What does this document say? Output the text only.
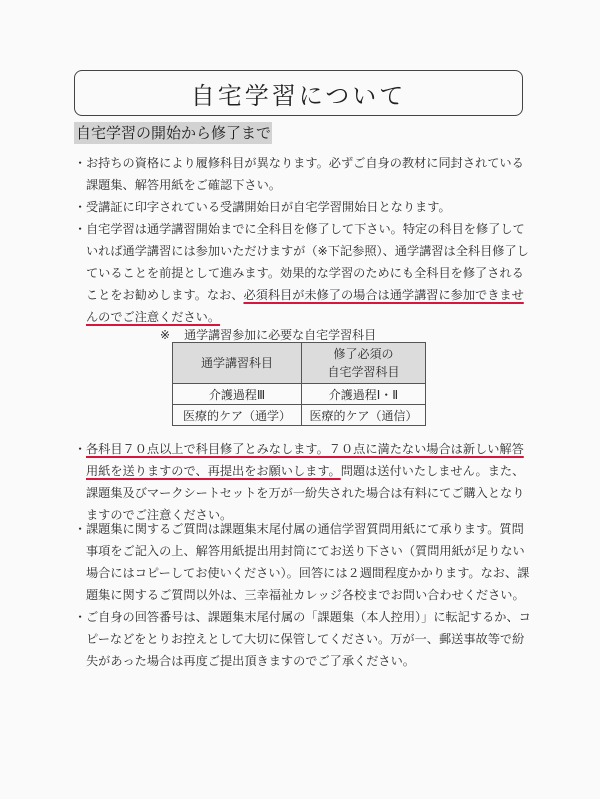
自宅学習について
自宅学習の開始から修了まで
・ お持ちの資格により履修科目が異なります。必ずご自身の教材に同封されている課題集、解答用紙をご確認下さい。
・ 受講証に印字されている受講開始日が自宅学習開始日となります。
・ 自宅学習は通学講習開始までに全科目を修了して下さい。特定の科目を修了していれば通学講習には参加いただけますが（※下記参照）、通学講習は全科目修了していることを前提として進みます。効果的な学習のためにも全科目を修了されることをお勧めします。なお、必須科目が未修了の場合は通学講習に参加できませんのでご注意ください。
※ 通学講習参加に必要な自宅学習科目
通学講習科目	修了必須の
自宅学習科目
介護過程Ⅲ	介護過程Ⅰ・Ⅱ
医療的ケア（通学）	医療的ケア（通信）
・ 各科目７０点以上で科目修了とみなします。７０点に満たない場合は新しい解答用紙を送りますので、再提出をお願いします。問題は送付いたしません。また、課題集及びマークシートセットを万が一紛失された場合は有料にてご購入となりますのでご注意ください。
・ 課題集に関するご質問は課題集末尾付属の通信学習質問用紙にて承ります。質問事項をご記入の上、解答用紙提出用封筒にてお送り下さい（質問用紙が足りない場合にはコピーしてお使いください）。回答には２週間程度かかります。なお、課題集に関するご質問以外は、三幸福祉カレッジ各校までお問い合わせください。
・ ご自身の回答番号は、課題集末尾付属の「課題集（本人控用）」に転記するか、コピーなどをとりお控えとして大切に保管してください。万が一、郵送事故等で紛失があった場合は再度ご提出頂きますのでご了承ください。
